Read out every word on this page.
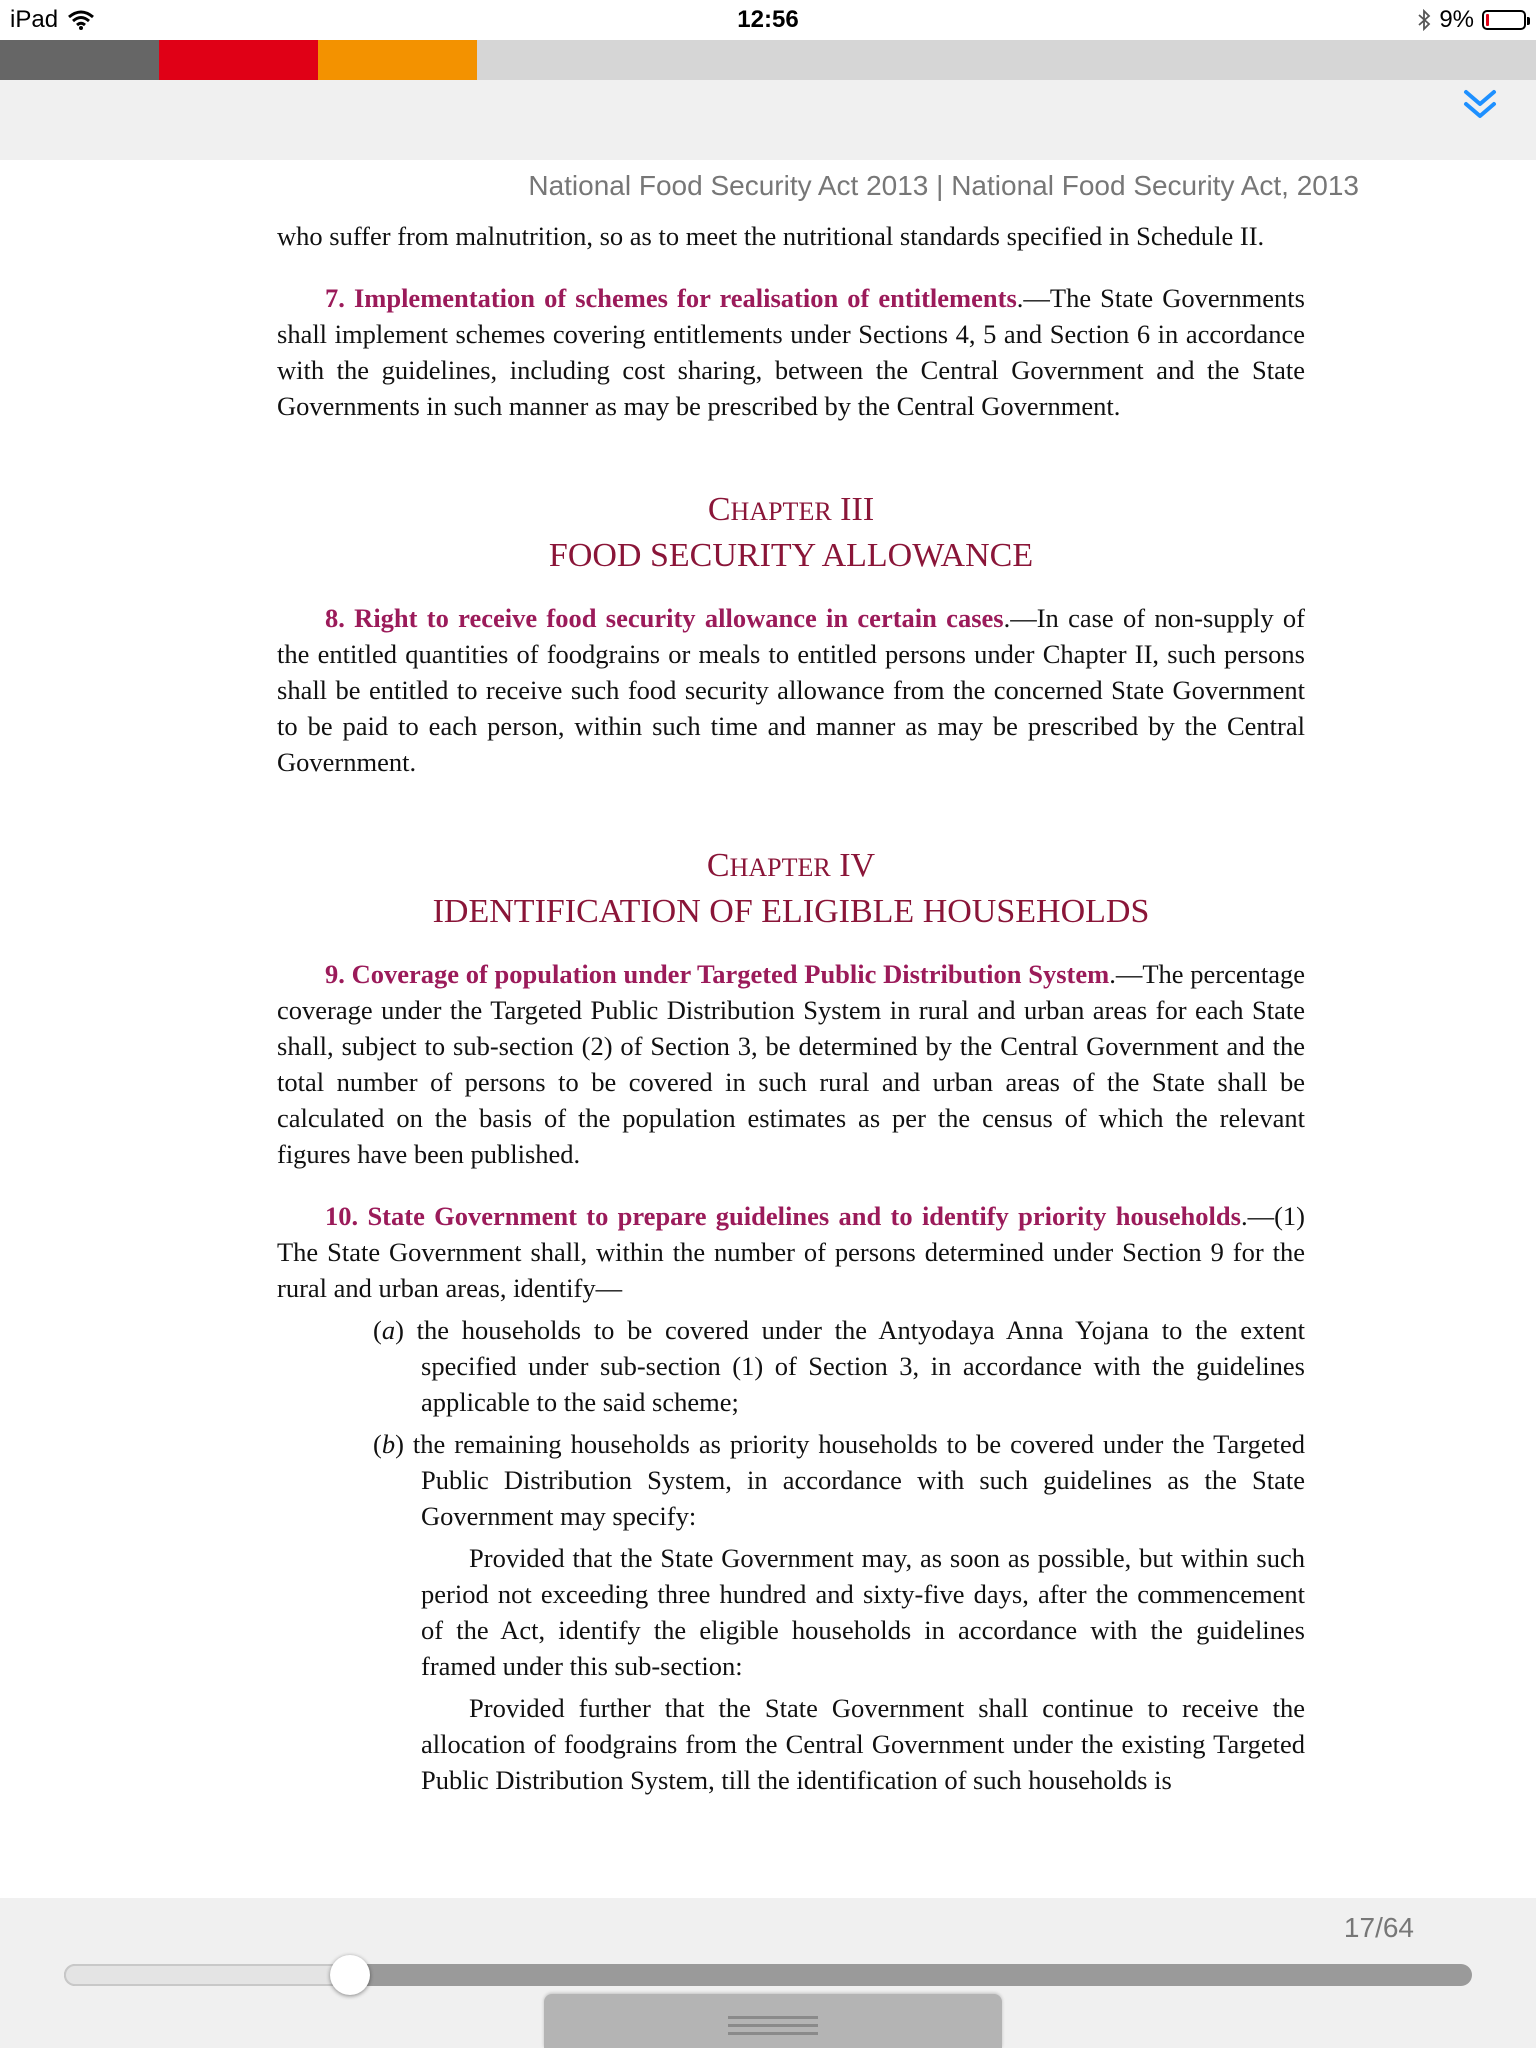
iPad	12:56	9%
National Food Security Act 2013 | National Food Security Act, 2013

who suffer from malnutrition, so as to meet the nutritional standards specified in Schedule II.

7. Implementation of schemes for realisation of entitlements.—The State Governments shall implement schemes covering entitlements under Sections 4, 5 and Section 6 in accordance with the guidelines, including cost sharing, between the Central Government and the State Governments in such manner as may be prescribed by the Central Government.

CHAPTER III
FOOD SECURITY ALLOWANCE

8. Right to receive food security allowance in certain cases.—In case of non-supply of the entitled quantities of foodgrains or meals to entitled persons under Chapter II, such persons shall be entitled to receive such food security allowance from the concerned State Government to be paid to each person, within such time and manner as may be prescribed by the Central Government.

CHAPTER IV
IDENTIFICATION OF ELIGIBLE HOUSEHOLDS

9. Coverage of population under Targeted Public Distribution System.—The percentage coverage under the Targeted Public Distribution System in rural and urban areas for each State shall, subject to sub-section (2) of Section 3, be determined by the Central Government and the total number of persons to be covered in such rural and urban areas of the State shall be calculated on the basis of the population estimates as per the census of which the relevant figures have been published.

10. State Government to prepare guidelines and to identify priority households.—(1) The State Government shall, within the number of persons determined under Section 9 for the rural and urban areas, identify—

(a) the households to be covered under the Antyodaya Anna Yojana to the extent specified under sub-section (1) of Section 3, in accordance with the guidelines applicable to the said scheme;

(b) the remaining households as priority households to be covered under the Targeted Public Distribution System, in accordance with such guidelines as the State Government may specify:

Provided that the State Government may, as soon as possible, but within such period not exceeding three hundred and sixty-five days, after the commencement of the Act, identify the eligible households in accordance with the guidelines framed under this sub-section:

Provided further that the State Government shall continue to receive the allocation of foodgrains from the Central Government under the existing Targeted Public Distribution System, till the identification of such households is

17/64
